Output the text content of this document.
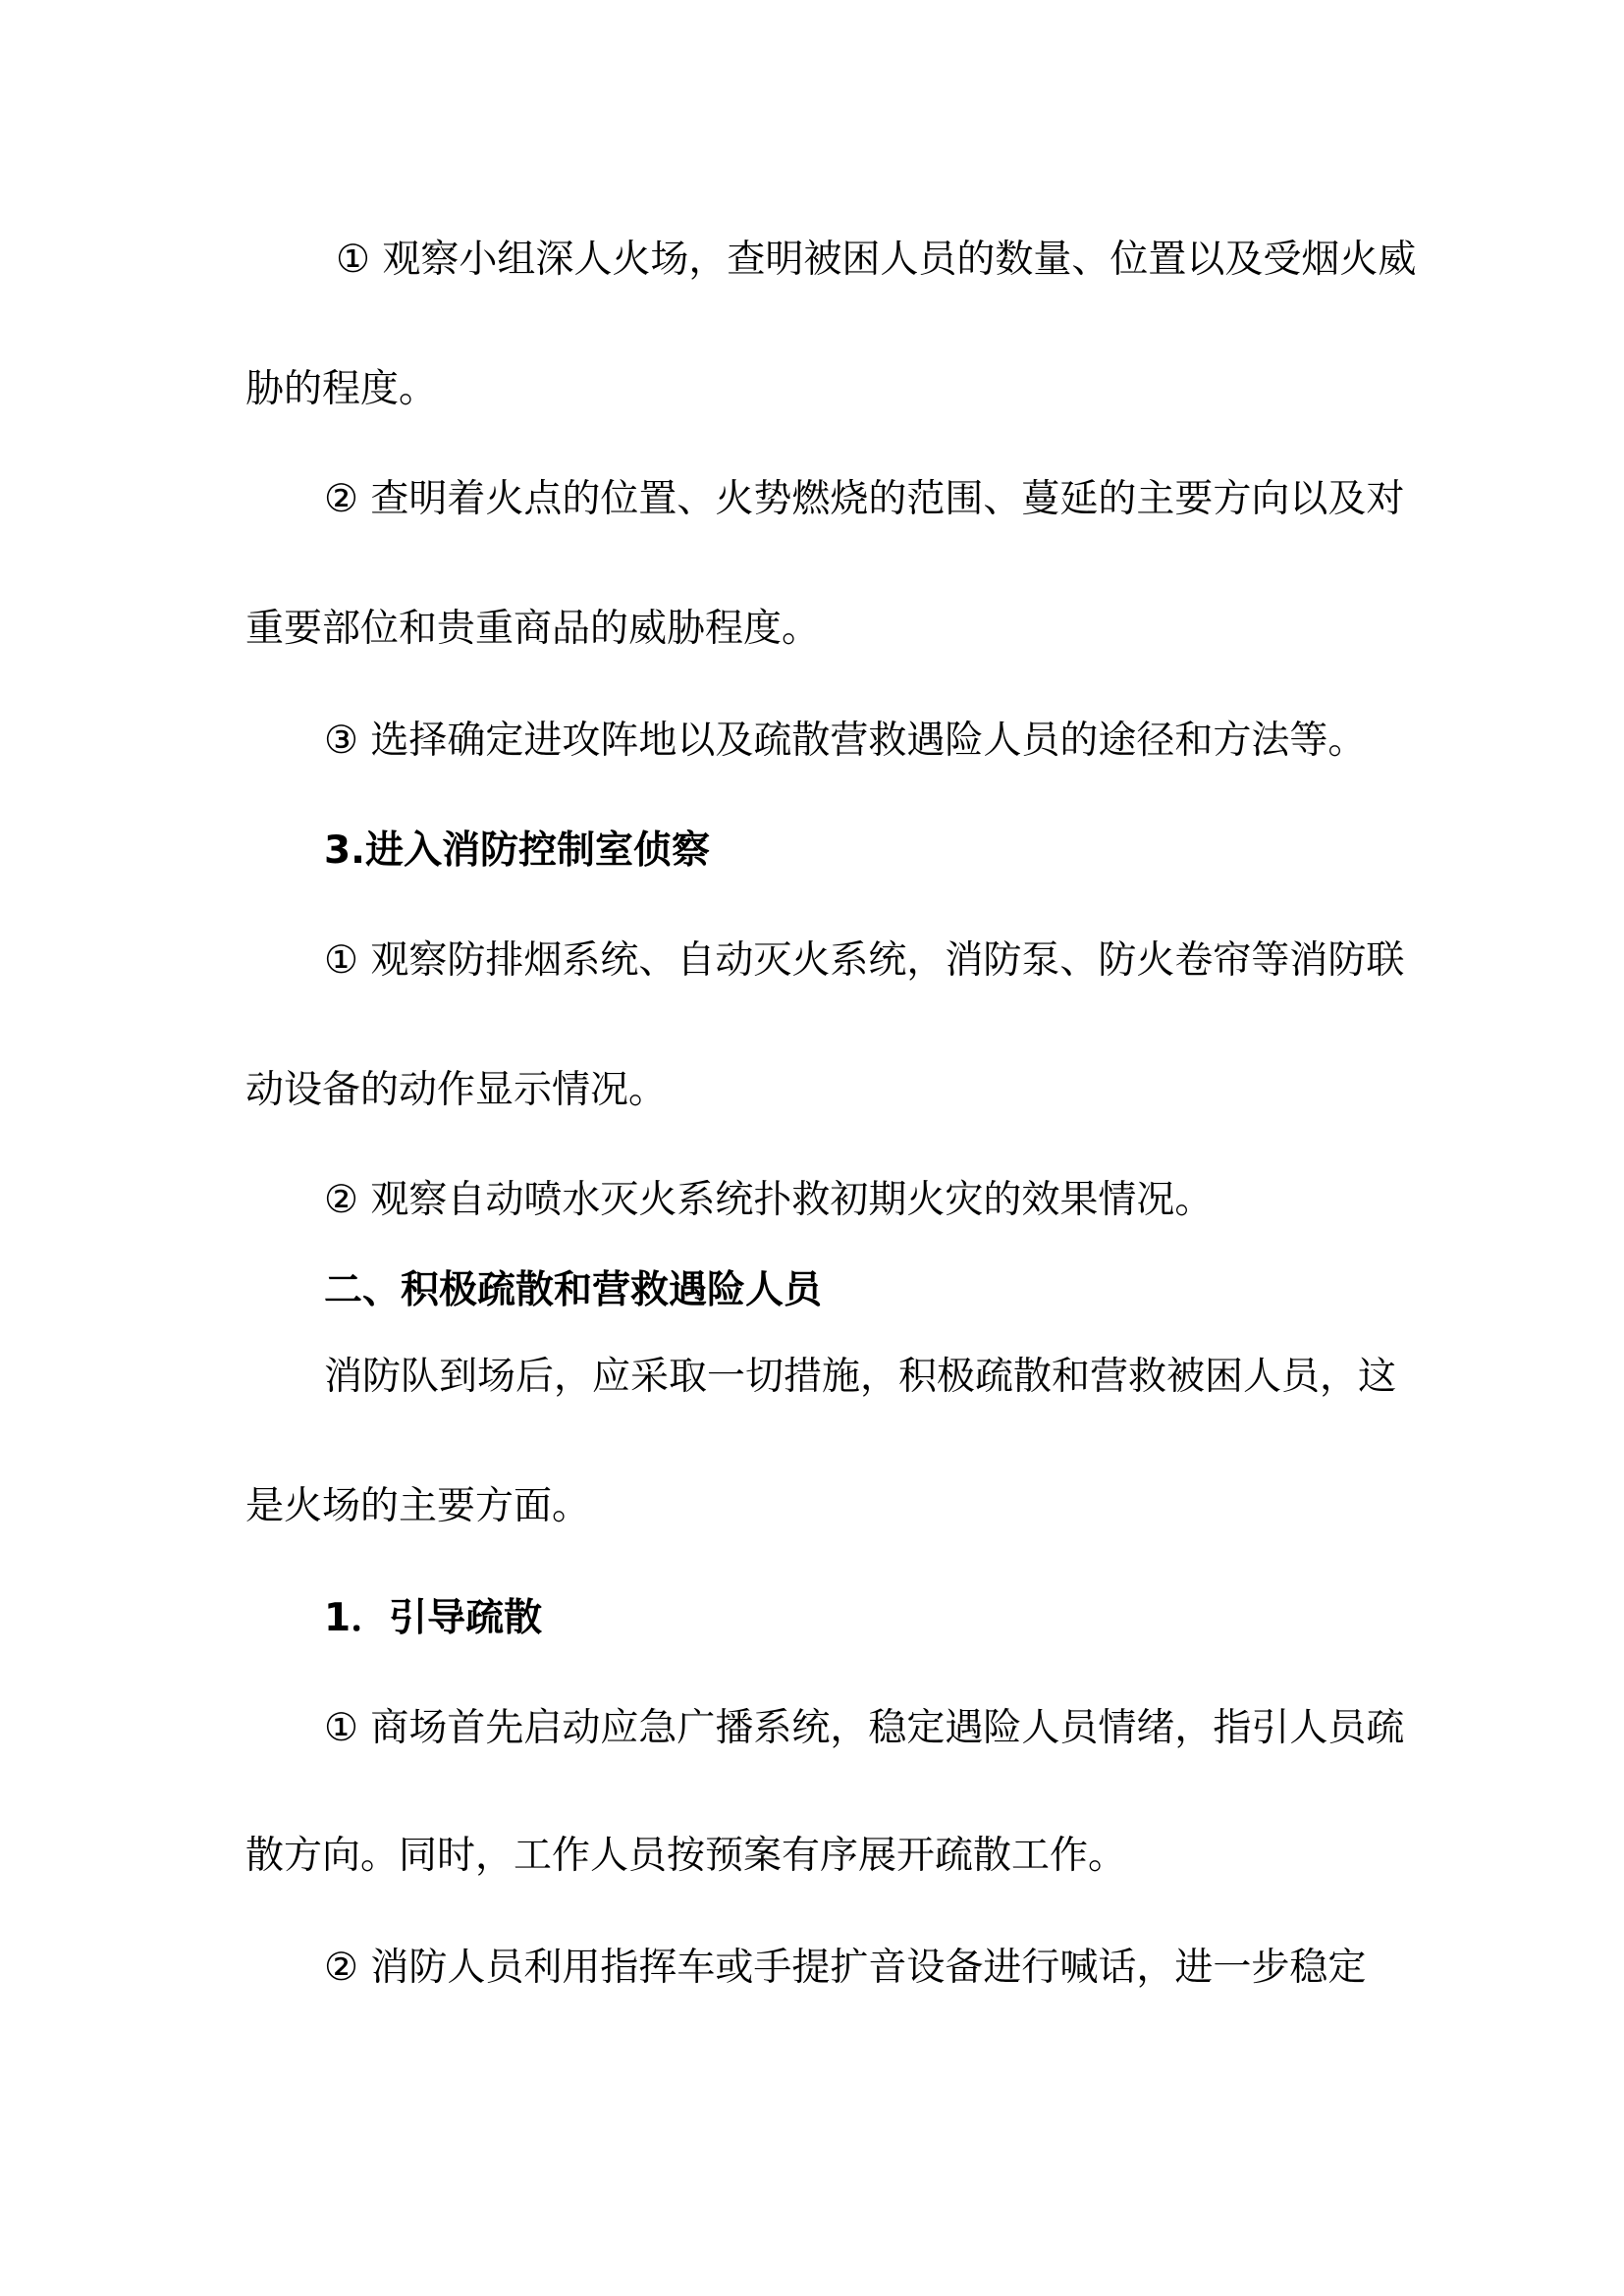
① 观察小组深人火场，查明被困人员的数量、位置以及受烟火威

胁的程度。

② 查明着火点的位置、火势燃烧的范围、蔓延的主要方向以及对

重要部位和贵重商品的威胁程度。

③ 选择确定进攻阵地以及疏散营救遇险人员的途径和方法等。

3.进入消防控制室侦察

① 观察防排烟系统、自动灭火系统，消防泵、防火卷帘等消防联

动设备的动作显示情况。

② 观察自动喷水灭火系统扑救初期火灾的效果情况。

二、积极疏散和营救遇险人员

消防队到场后，应采取一切措施，积极疏散和营救被困人员，这

是火场的主要方面。

1．引导疏散

① 商场首先启动应急广播系统，稳定遇险人员情绪，指引人员疏

散方向。同时，工作人员按预案有序展开疏散工作。

② 消防人员利用指挥车或手提扩音设备进行喊话，进一步稳定
